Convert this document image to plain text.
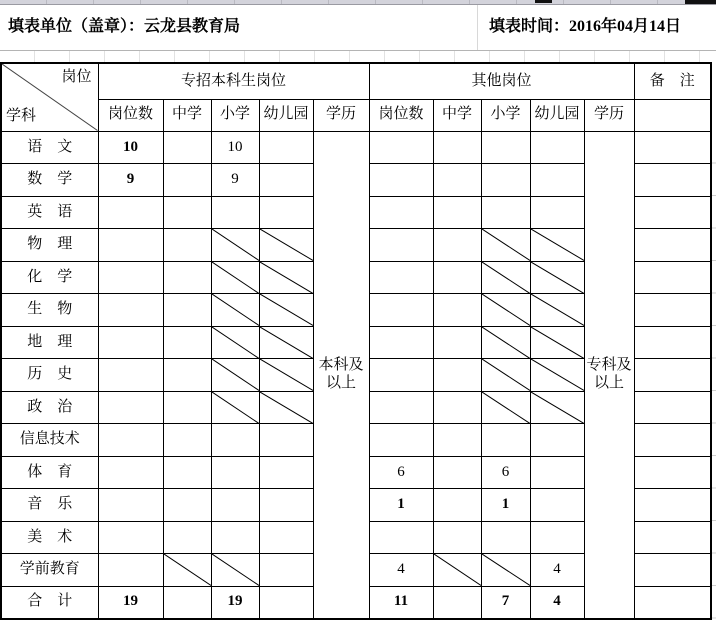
填表单位（盖章）：云龙县教育局	填表时间：2016年04月14日
岗位
学科	专招本科生岗位					其他岗位					备　注
	岗位数	中学	小学	幼儿园	学历	岗位数	中学	小学	幼儿园	学历	
语　文	10		10		本科及以上					专科及以上	
数　学	9		9								
英　语											
物　理			

化　学			

生　物			

地　理			

历　史			

政　治			

信息技术											
体　育						6		6			
音　乐						1		1			
美　术											
学前教育						4			4		
合　计	19		19			11		7	4		
